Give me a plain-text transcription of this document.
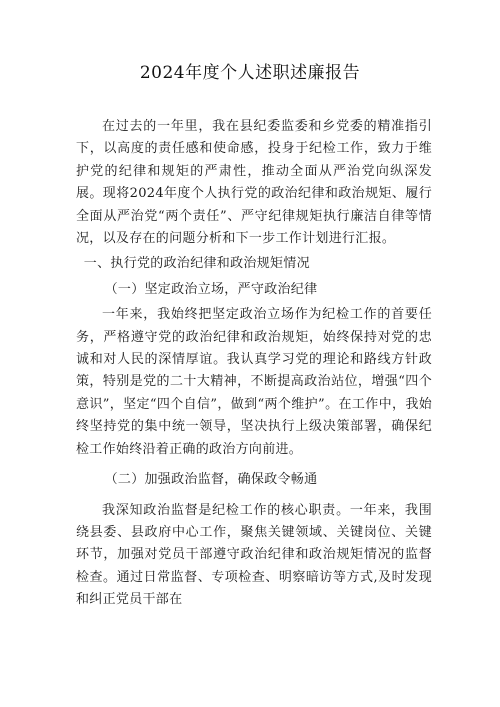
2024年度个人述职述廉报告

在过去的一年里，我在县纪委监委和乡党委的精准指引下，以高度的责任感和使命感，投身于纪检工作，致力于维护党的纪律和规矩的严肃性，推动全面从严治党向纵深发展。现将2024年度个人执行党的政治纪律和政治规矩、履行全面从严治党“两个责任”、严守纪律规矩执行廉洁自律等情况，以及存在的问题分析和下一步工作计划进行汇报。

一、执行党的政治纪律和政治规矩情况

（一）坚定政治立场，严守政治纪律

一年来，我始终把坚定政治立场作为纪检工作的首要任务，严格遵守党的政治纪律和政治规矩，始终保持对党的忠诚和对人民的深情厚谊。我认真学习党的理论和路线方针政策，特别是党的二十大精神，不断提高政治站位，增强“四个意识”，坚定“四个自信”，做到“两个维护”。在工作中，我始终坚持党的集中统一领导，坚决执行上级决策部署，确保纪检工作始终沿着正确的政治方向前进。

（二）加强政治监督，确保政令畅通

我深知政治监督是纪检工作的核心职责。一年来，我围绕县委、县政府中心工作，聚焦关键领域、关键岗位、关键环节，加强对党员干部遵守政治纪律和政治规矩情况的监督检查。通过日常监督、专项检查、明察暗访等方式,及时发现和纠正党员干部在
